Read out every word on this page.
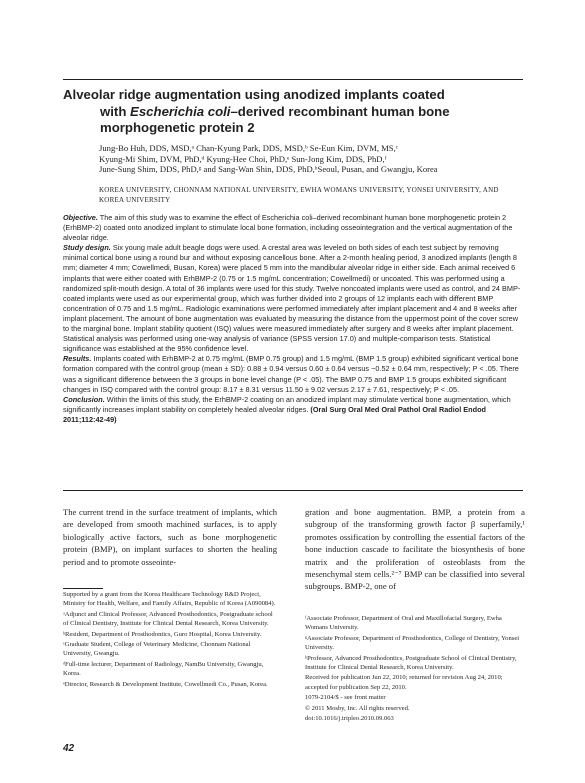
Alveolar ridge augmentation using anodized implants coated
with Escherichia coli–derived recombinant human bone
morphogenetic protein 2
Jung-Bo Huh, DDS, MSD,ᵃ Chan-Kyung Park, DDS, MSD,ᵇ Se-Eun Kim, DVM, MS,ᶜ
Kyung-Mi Shim, DVM, PhD,ᵈ Kyung-Hee Choi, PhD,ᵉ Sun-Jong Kim, DDS, PhD,ᶠ
June-Sung Shim, DDS, PhD,ᵍ and Sang-Wan Shin, DDS, PhD,ʰSeoul, Pusan, and Gwangju, Korea
KOREA UNIVERSITY, CHONNAM NATIONAL UNIVERSITY, EWHA WOMANS UNIVERSITY, YONSEI UNIVERSITY, AND KOREA UNIVERSITY

Objective. The aim of this study was to examine the effect of Escherichia coli–derived recombinant human bone morphogenetic protein 2 (ErhBMP-2) coated onto anodized implant to stimulate local bone formation, including osseointegration and the vertical augmentation of the alveolar ridge.
Study design. Six young male adult beagle dogs were used. A crestal area was leveled on both sides of each test subject by removing minimal cortical bone using a round bur and without exposing cancellous bone. After a 2-month healing period, 3 anodized implants (length 8 mm; diameter 4 mm; Cowellmedi, Busan, Korea) were placed 5 mm into the mandibular alveolar ridge in either side. Each animal received 6 implants that were either coated with ErhBMP-2 (0.75 or 1.5 mg/mL concentration; Cowellmedi) or uncoated. This was performed using a randomized split-mouth design. A total of 36 implants were used for this study. Twelve noncoated implants were used as control, and 24 BMP-coated implants were used as our experimental group, which was further divided into 2 groups of 12 implants each with different BMP concentration of 0.75 and 1.5 mg/mL. Radiologic examinations were performed immediately after implant placement and 4 and 8 weeks after implant placement. The amount of bone augmentation was evaluated by measuring the distance from the uppermost point of the cover screw to the marginal bone. Implant stability quotient (ISQ) values were measured immediately after surgery and 8 weeks after implant placement. Statistical analysis was performed using one-way analysis of variance (SPSS version 17.0) and multiple-comparison tests. Statistical significance was established at the 95% confidence level.
Results. Implants coated with ErhBMP-2 at 0.75 mg/mL (BMP 0.75 group) and 1.5 mg/mL (BMP 1.5 group) exhibited significant vertical bone formation compared with the control group (mean ± SD): 0.88 ± 0.94 versus 0.60 ± 0.64 versus −0.52 ± 0.64 mm, respectively; P < .05. There was a significant difference between the 3 groups in bone level change (P < .05). The BMP 0.75 and BMP 1.5 groups exhibited significant changes in ISQ compared with the control group: 8.17 ± 8.31 versus 11.50 ± 9.02 versus 2.17 ± 7.61, respectively; P < .05.
Conclusion. Within the limits of this study, the ErhBMP-2 coating on an anodized implant may stimulate vertical bone augmentation, which significantly increases implant stability on completely healed alveolar ridges. (Oral Surg Oral Med Oral Pathol Oral Radiol Endod 2011;112:42-49)

The current trend in the surface treatment of implants, which are developed from smooth machined surfaces, is to apply biologically active factors, such as bone morphogenetic protein (BMP), on implant surfaces to shorten the healing period and to promote osseointe-
gration and bone augmentation. BMP, a protein from a subgroup of the transforming growth factor β superfamily,¹ promotes ossification by controlling the essential factors of the bone induction cascade to facilitate the biosynthesis of bone matrix and the proliferation of osteoblasts from the mesenchymal stem cells.²⁻⁷ BMP can be classified into several subgroups. BMP-2, one of

Supported by a grant from the Korea Healthcare Technology R&D Project, Ministry for Health, Welfare, and Family Affairs, Republic of Korea (A090084).

ᵃAdjunct and Clinical Professor, Advanced Prosthodontics, Postgraduate school of Clinical Dentistry, Institute for Clinical Dental Research, Korea University.

ᵇResident, Department of Prosthodontics, Guro Hospital, Korea University.

ᶜGraduate Student, College of Veterinary Medicine, Chonnam National University, Gwangju.

ᵈFull-time lecturer, Department of Radiology, NamBu University, Gwangju, Korea.

ᵉDirector, Research & Development Institute, Cowellmedi Co., Pusan, Korea.

ᶠAssociate Professor, Department of Oral and Maxillofacial Surgery, Ewha Womans University.

ᵍAssociate Professor, Department of Prosthodontics, College of Dentistry, Yonsei University.

ʰProfessor, Advanced Prosthodontics, Postgraduate School of Clinical Dentistry, Institute for Clinical Dental Research, Korea University.

Received for publication Jun 22, 2010; returned for revision Aug 24, 2010; accepted for publication Sep 22, 2010.

1079-2104/$ - see front matter

© 2011 Mosby, Inc. All rights reserved.

doi:10.1016/j.tripleo.2010.09.063

42
